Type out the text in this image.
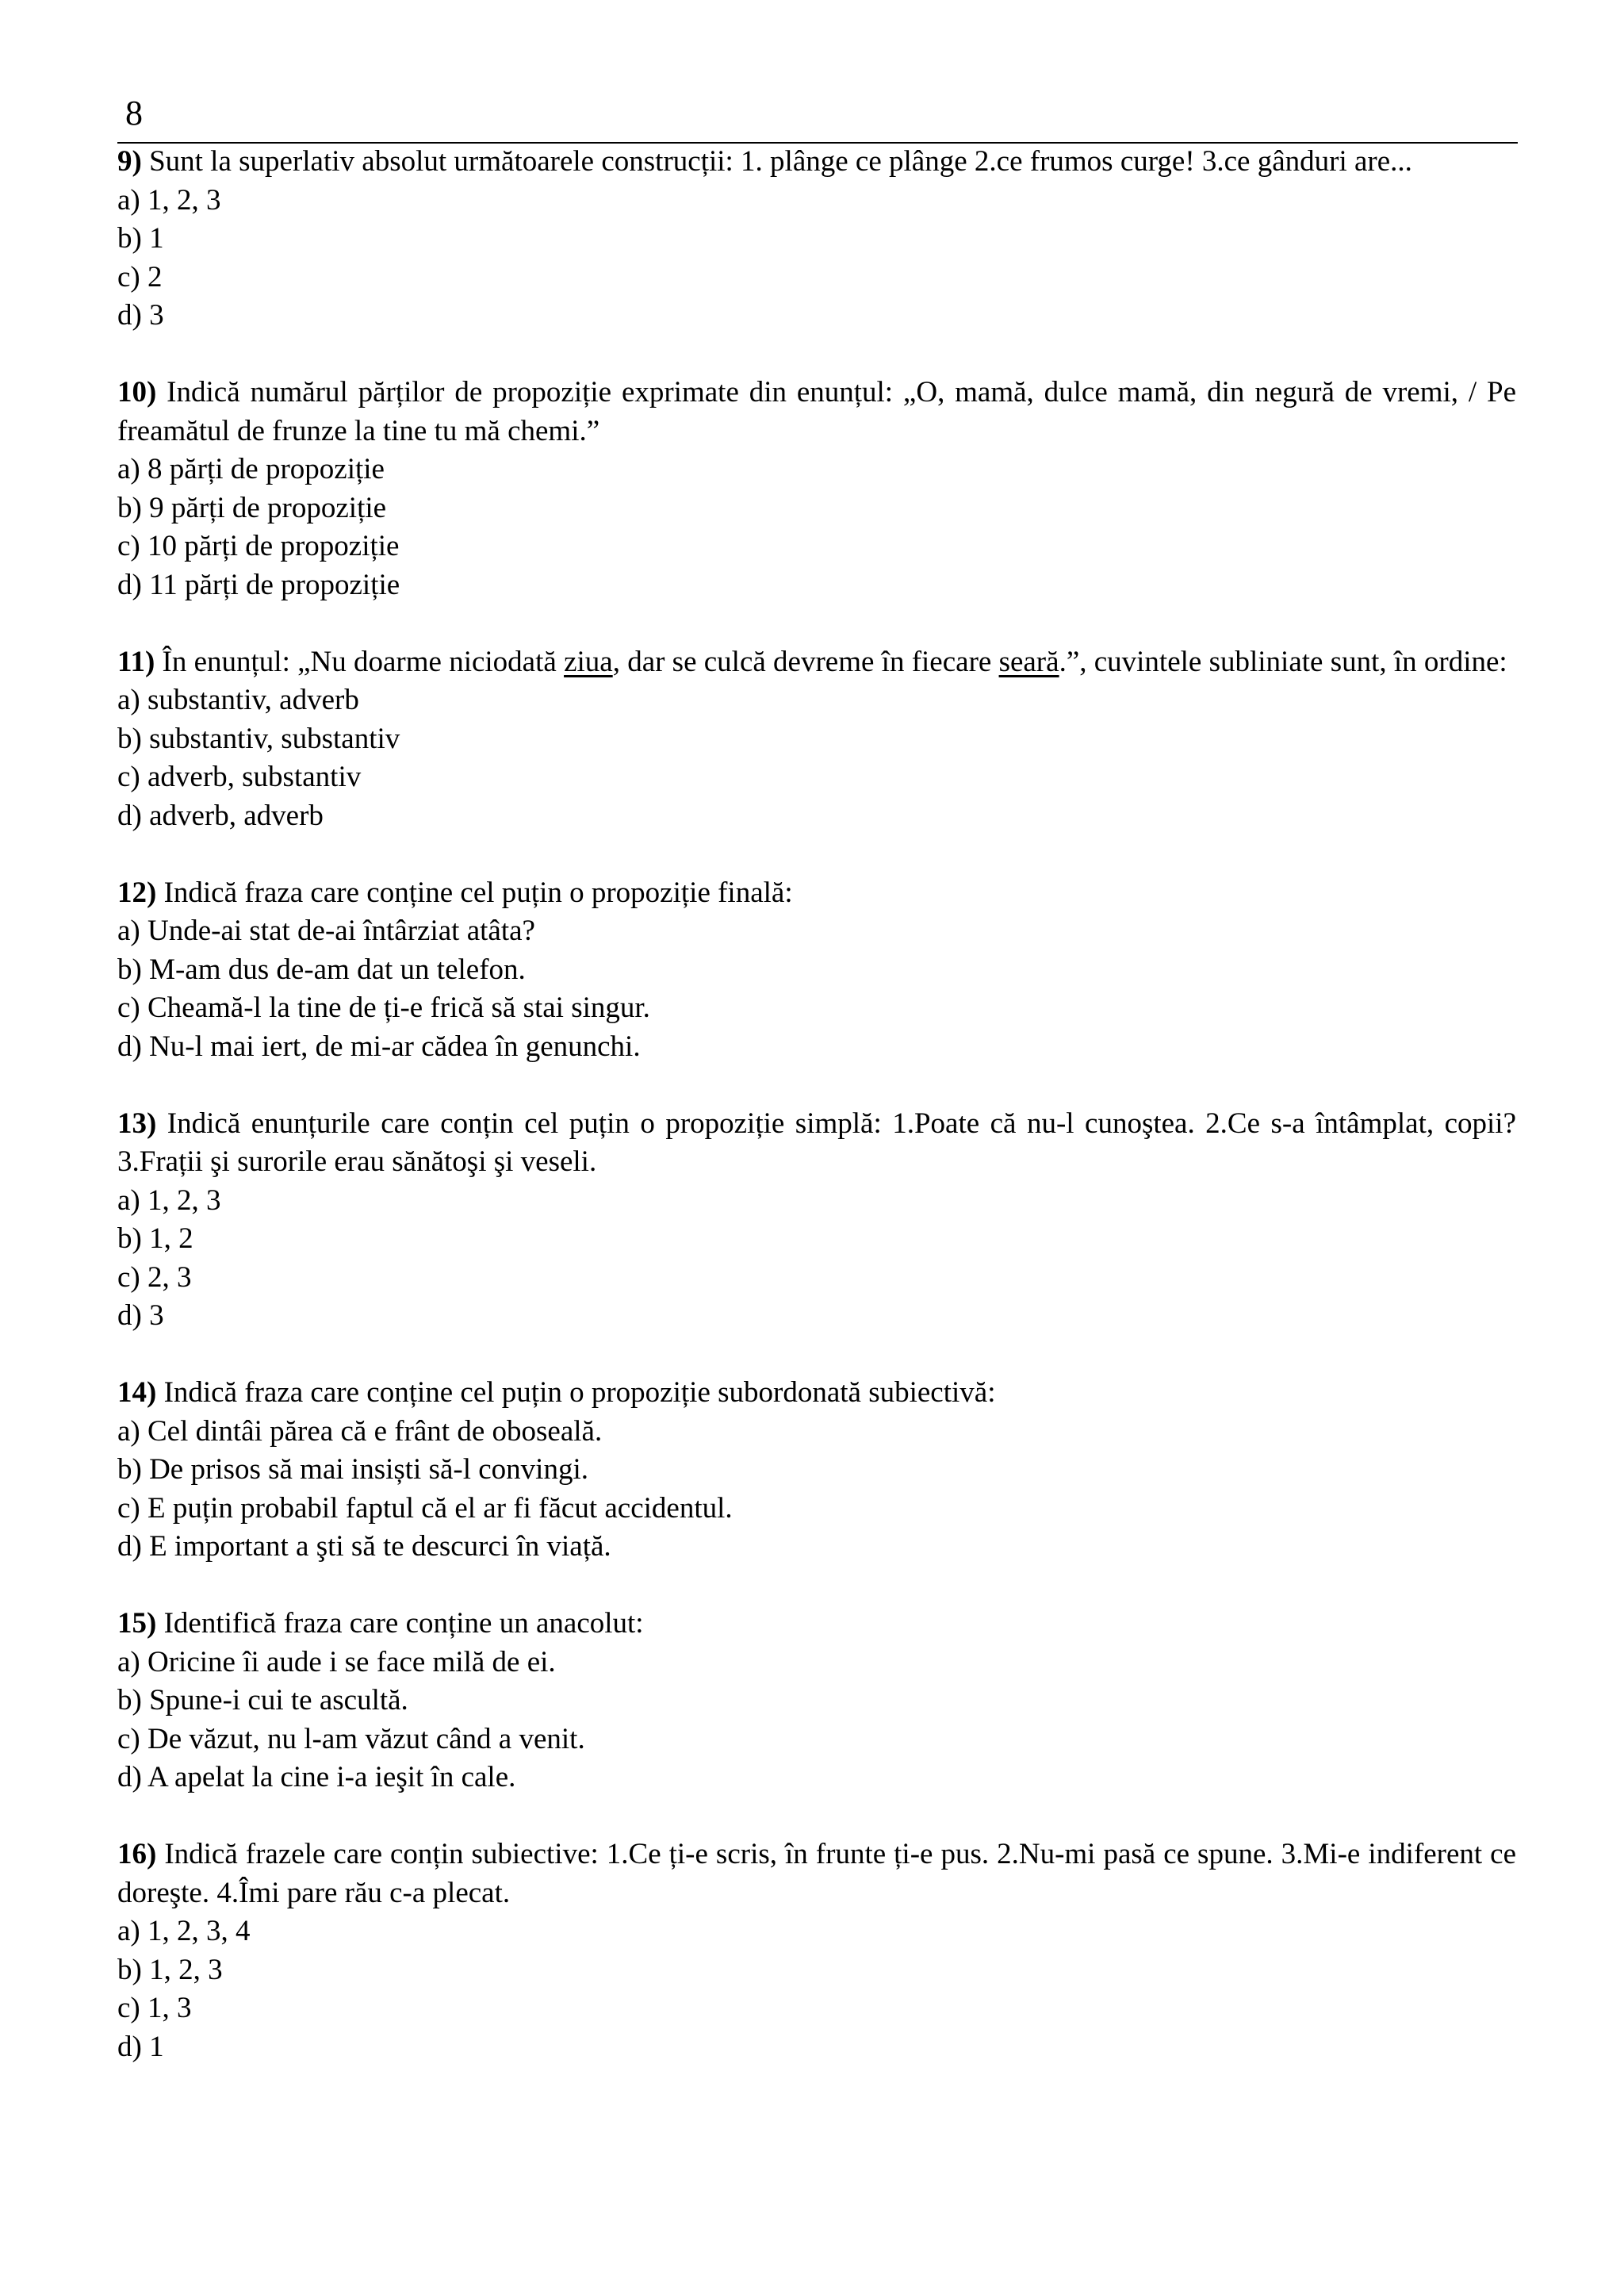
8

9) Sunt la superlativ absolut următoarele construcții: 1. plânge ce plânge 2.ce frumos curge! 3.ce gânduri are...

a) 1, 2, 3

b) 1

c) 2

d) 3

10) Indică numărul părților de propoziție exprimate din enunțul: „O, mamă, dulce mamă, din negură de vremi, / Pe freamătul de frunze la tine tu mă chemi.”

a) 8 părți de propoziție

b) 9 părți de propoziție

c) 10 părți de propoziție

d) 11 părți de propoziție

11) În enunțul: „Nu doarme niciodată ziua, dar se culcă devreme în fiecare seară.”, cuvintele subliniate sunt, în ordine:

a) substantiv, adverb

b) substantiv, substantiv

c) adverb, substantiv

d) adverb, adverb

12) Indică fraza care conține cel puțin o propoziție finală:

a) Unde-ai stat de-ai întârziat atâta?

b) M-am dus de-am dat un telefon.

c) Cheamă-l la tine de ți-e frică să stai singur.

d) Nu-l mai iert, de mi-ar cădea în genunchi.

13) Indică enunțurile care conțin cel puțin o propoziție simplă: 1.Poate că nu-l cunoştea. 2.Ce s-a întâmplat, copii? 3.Frații şi surorile erau sănătoşi şi veseli.

a) 1, 2, 3

b) 1, 2

c) 2, 3

d) 3

14) Indică fraza care conține cel puțin o propoziție subordonată subiectivă:

a) Cel dintâi părea că e frânt de oboseală.

b) De prisos să mai insiști să-l convingi.

c) E puțin probabil faptul că el ar fi făcut accidentul.

d) E important a şti să te descurci în viață.

15) Identifică fraza care conține un anacolut:

a) Oricine îi aude i se face milă de ei.

b) Spune-i cui te ascultă.

c) De văzut, nu l-am văzut când a venit.

d) A apelat la cine i-a ieşit în cale.

16) Indică frazele care conțin subiective: 1.Ce ți-e scris, în frunte ți-e pus. 2.Nu-mi pasă ce spune. 3.Mi-e indiferent ce doreşte. 4.Îmi pare rău c-a plecat.

a) 1, 2, 3, 4

b) 1, 2, 3

c) 1, 3

d) 1
